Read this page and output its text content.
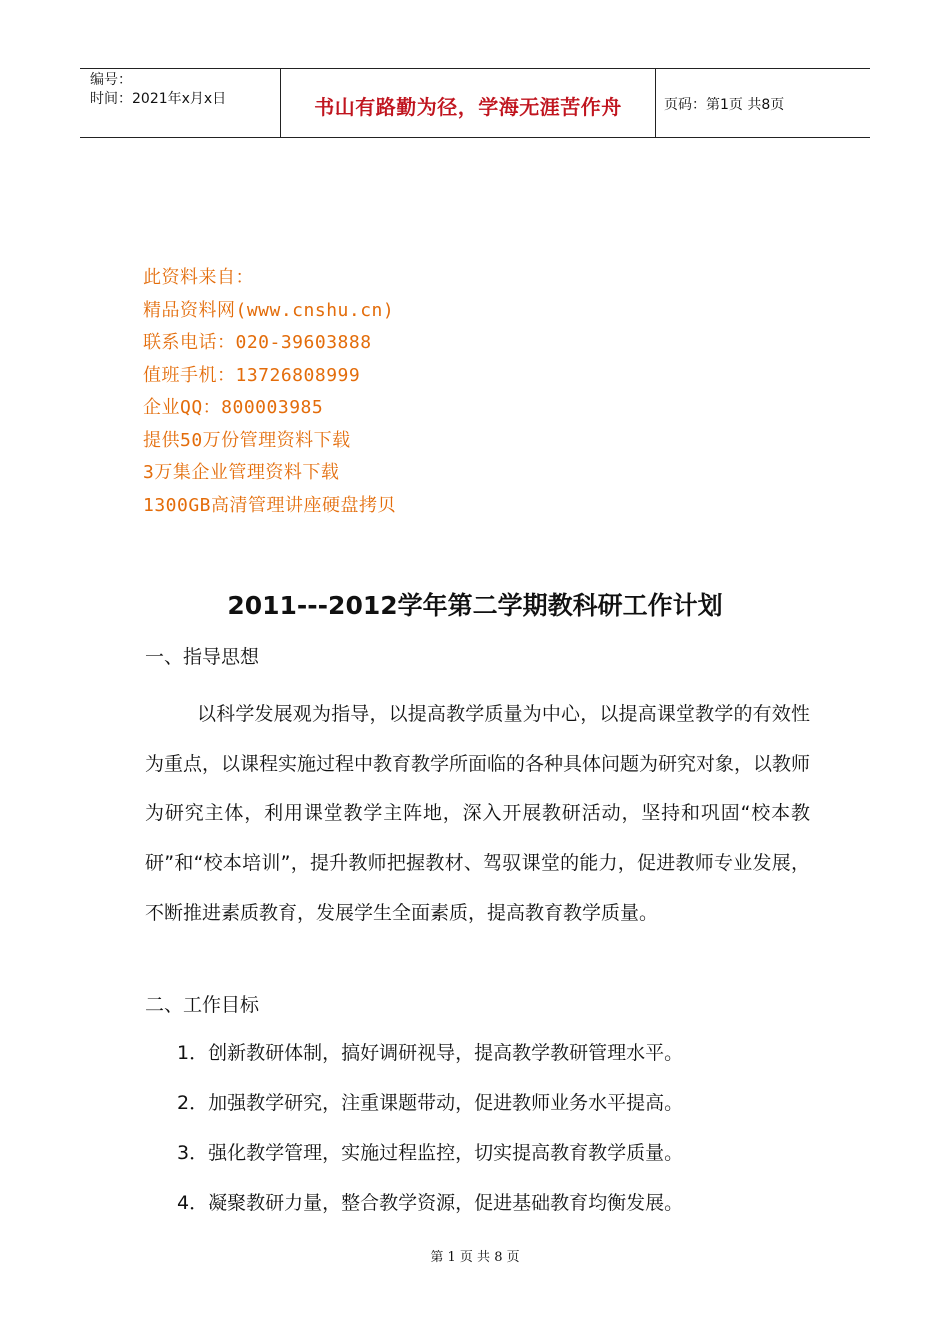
编号：
时间：2021年x月x日	书山有路勤为径，学海无涯苦作舟	页码：第1页 共8页
此资料来自：
精品资料网(www.cnshu.cn)
联系电话：020-39603888
值班手机：13726808999
企业QQ：800003985
提供50万份管理资料下载
3万集企业管理资料下载
1300GB高清管理讲座硬盘拷贝
2011---2012学年第二学期教科研工作计划
一、指导思想

以科学发展观为指导，以提高教学质量为中心，以提高课堂教学的有效性为重点，以课程实施过程中教育教学所面临的各种具体问题为研究对象，以教师为研究主体，利用课堂教学主阵地，深入开展教研活动，坚持和巩固“校本教研”和“校本培训”，提升教师把握教材、驾驭课堂的能力，促进教师专业发展，不断推进素质教育，发展学生全面素质，提高教育教学质量。

二、工作目标
1．创新教研体制，搞好调研视导，提高教学教研管理水平。
2．加强教学研究，注重课题带动，促进教师业务水平提高。
3．强化教学管理，实施过程监控，切实提高教育教学质量。
4．凝聚教研力量，整合教学资源，促进基础教育均衡发展。
第 1 页 共 8 页
